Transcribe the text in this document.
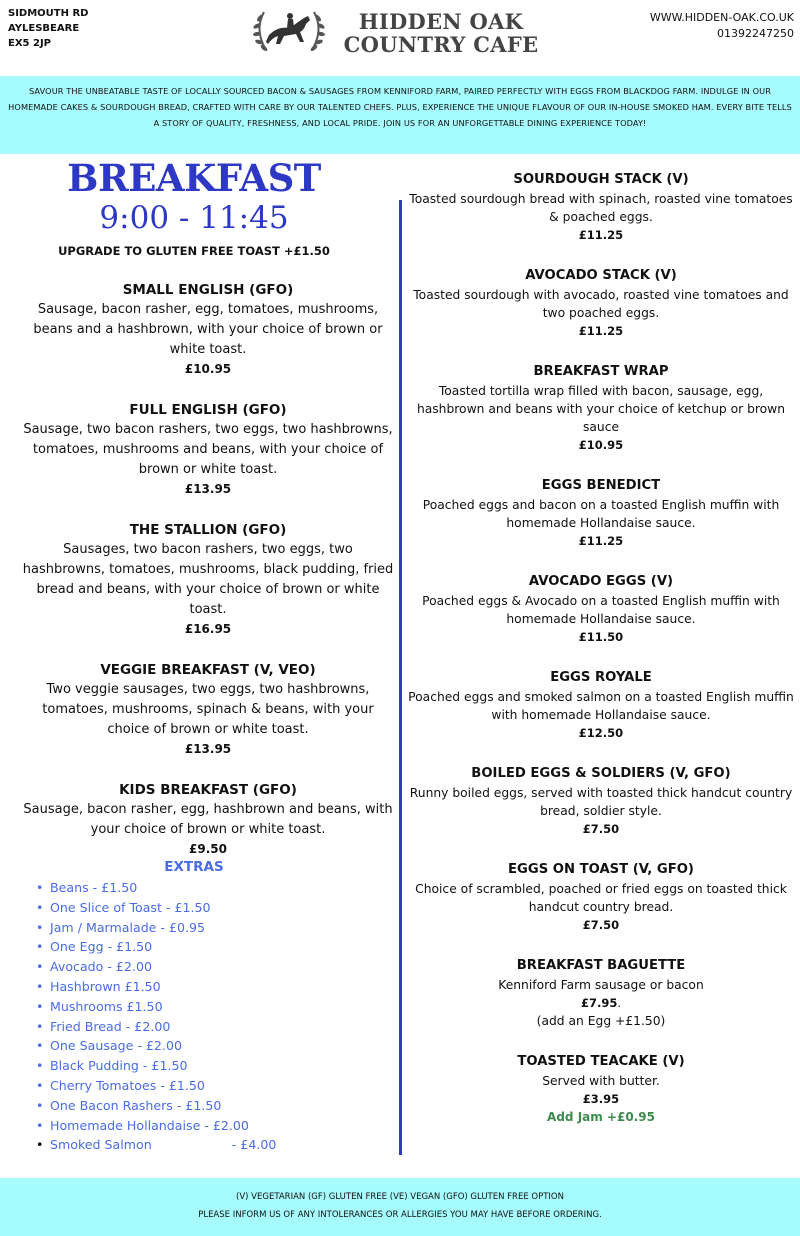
SIDMOUTH RD
AYLESBEARE
EX5 2JP
HIDDEN OAK
COUNTRY CAFE
WWW.HIDDEN-OAK.CO.UK
01392247250
SAVOUR THE UNBEATABLE TASTE OF LOCALLY SOURCED BACON & SAUSAGES FROM KENNIFORD FARM, PAIRED PERFECTLY WITH EGGS FROM BLACKDOG FARM. INDULGE IN OUR HOMEMADE CAKES & SOURDOUGH BREAD, CRAFTED WITH CARE BY OUR TALENTED CHEFS. PLUS, EXPERIENCE THE UNIQUE FLAVOUR OF OUR IN-HOUSE SMOKED HAM. EVERY BITE TELLS A STORY OF QUALITY, FRESHNESS, AND LOCAL PRIDE. JOIN US FOR AN UNFORGETTABLE DINING EXPERIENCE TODAY!
BREAKFAST
9:00 - 11:45
UPGRADE TO GLUTEN FREE TOAST +£1.50
SMALL ENGLISH (GFO)
Sausage, bacon rasher, egg, tomatoes, mushrooms, beans and a hashbrown, with your choice of brown or white toast.
£10.95
FULL ENGLISH (GFO)
Sausage, two bacon rashers, two eggs, two hashbrowns, tomatoes, mushrooms and beans, with your choice of brown or white toast.
£13.95
THE STALLION (GFO)
Sausages, two bacon rashers, two eggs, two hashbrowns, tomatoes, mushrooms, black pudding, fried bread and beans, with your choice of brown or white toast.
£16.95
VEGGIE BREAKFAST (V, VEO)
Two veggie sausages, two eggs, two hashbrowns, tomatoes, mushrooms, spinach & beans, with your choice of brown or white toast.
£13.95
KIDS BREAKFAST (GFO)
Sausage, bacon rasher, egg, hashbrown and beans, with your choice of brown or white toast.
£9.50
EXTRAS
• Beans - £1.50
• One Slice of Toast - £1.50
• Jam / Marmalade - £0.95
• One Egg - £1.50
• Avocado - £2.00
• Hashbrown £1.50
• Mushrooms £1.50
• Fried Bread - £2.00
• One Sausage - £2.00
• Black Pudding - £1.50
• Cherry Tomatoes - £1.50
• One Bacon Rashers - £1.50
• Homemade Hollandaise - £2.00
• Smoked Salmon                    - £4.00
SOURDOUGH STACK (V)
Toasted sourdough bread with spinach, roasted vine tomatoes & poached eggs.
£11.25
AVOCADO STACK (V)
Toasted sourdough with avocado, roasted vine tomatoes and two poached eggs.
£11.25
BREAKFAST WRAP
Toasted tortilla wrap filled with bacon, sausage, egg, hashbrown and beans with your choice of ketchup or brown sauce
£10.95
EGGS BENEDICT
Poached eggs and bacon on a toasted English muffin with homemade Hollandaise sauce.
£11.25
AVOCADO EGGS (V)
Poached eggs & Avocado on a toasted English muffin with homemade Hollandaise sauce.
£11.50
EGGS ROYALE
Poached eggs and smoked salmon on a toasted English muffin with homemade Hollandaise sauce.
£12.50
BOILED EGGS & SOLDIERS (V, GFO)
Runny boiled eggs, served with toasted thick handcut country bread, soldier style.
£7.50
EGGS ON TOAST (V, GFO)
Choice of scrambled, poached or fried eggs on toasted thick handcut country bread.
£7.50
BREAKFAST BAGUETTE
Kenniford Farm sausage or bacon
£7.95.
(add an Egg +£1.50)
TOASTED TEACAKE (V)
Served with butter.
£3.95
Add Jam +£0.95
(V) VEGETARIAN (GF) GLUTEN FREE (VE) VEGAN (GFO) GLUTEN FREE OPTION
PLEASE INFORM US OF ANY INTOLERANCES OR ALLERGIES YOU MAY HAVE BEFORE ORDERING.
